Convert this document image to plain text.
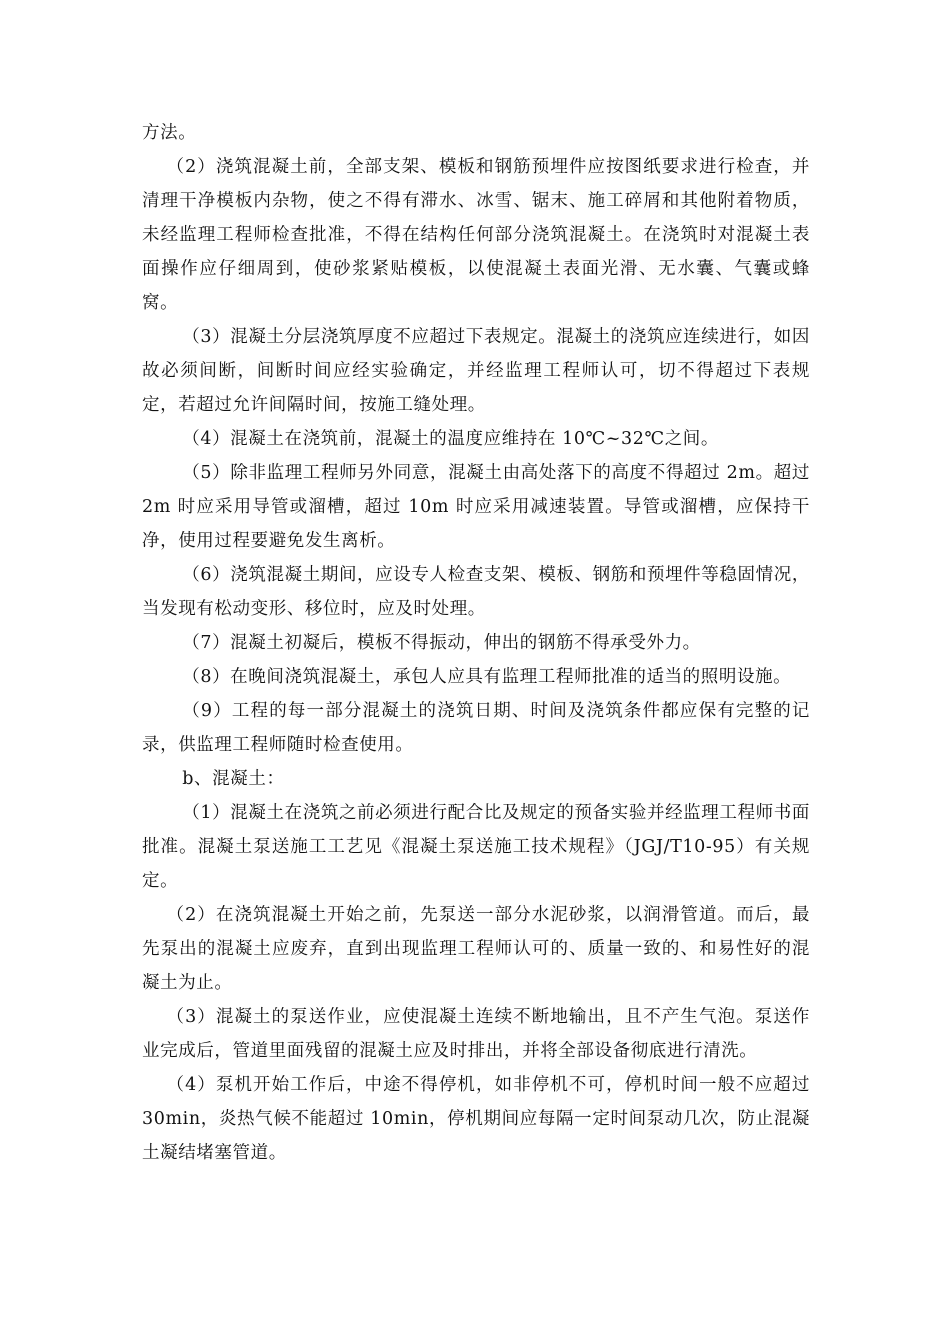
方法。

（2）浇筑混凝土前，全部支架、模板和钢筋预埋件应按图纸要求进行检查，并清理干净模板内杂物，使之不得有滞水、冰雪、锯末、施工碎屑和其他附着物质，未经监理工程师检查批准，不得在结构任何部分浇筑混凝土。在浇筑时对混凝土表面操作应仔细周到，使砂浆紧贴模板，以使混凝土表面光滑、无水囊、气囊或蜂窝。

（3）混凝土分层浇筑厚度不应超过下表规定。混凝土的浇筑应连续进行，如因故必须间断，间断时间应经实验确定，并经监理工程师认可，切不得超过下表规定，若超过允许间隔时间，按施工缝处理。

（4）混凝土在浇筑前，混凝土的温度应维持在 10℃~32℃之间。

（5）除非监理工程师另外同意，混凝土由高处落下的高度不得超过 2m。超过 2m 时应采用导管或溜槽，超过 10m 时应采用减速装置。导管或溜槽，应保持干净，使用过程要避免发生离析。

（6）浇筑混凝土期间，应设专人检查支架、模板、钢筋和预埋件等稳固情况，当发现有松动变形、移位时，应及时处理。

（7）混凝土初凝后，模板不得振动，伸出的钢筋不得承受外力。

（8）在晚间浇筑混凝土，承包人应具有监理工程师批准的适当的照明设施。

（9）工程的每一部分混凝土的浇筑日期、时间及浇筑条件都应保有完整的记录，供监理工程师随时检查使用。

b、混凝土：

（1）混凝土在浇筑之前必须进行配合比及规定的预备实验并经监理工程师书面批准。混凝土泵送施工工艺见《混凝土泵送施工技术规程》（JGJ/T10-95）有关规定。

（2）在浇筑混凝土开始之前，先泵送一部分水泥砂浆，以润滑管道。而后，最先泵出的混凝土应废弃，直到出现监理工程师认可的、质量一致的、和易性好的混凝土为止。

（3）混凝土的泵送作业，应使混凝土连续不断地输出，且不产生气泡。泵送作业完成后，管道里面残留的混凝土应及时排出，并将全部设备彻底进行清洗。

（4）泵机开始工作后，中途不得停机，如非停机不可，停机时间一般不应超过 30min，炎热气候不能超过 10min，停机期间应每隔一定时间泵动几次，防止混凝土凝结堵塞管道。
